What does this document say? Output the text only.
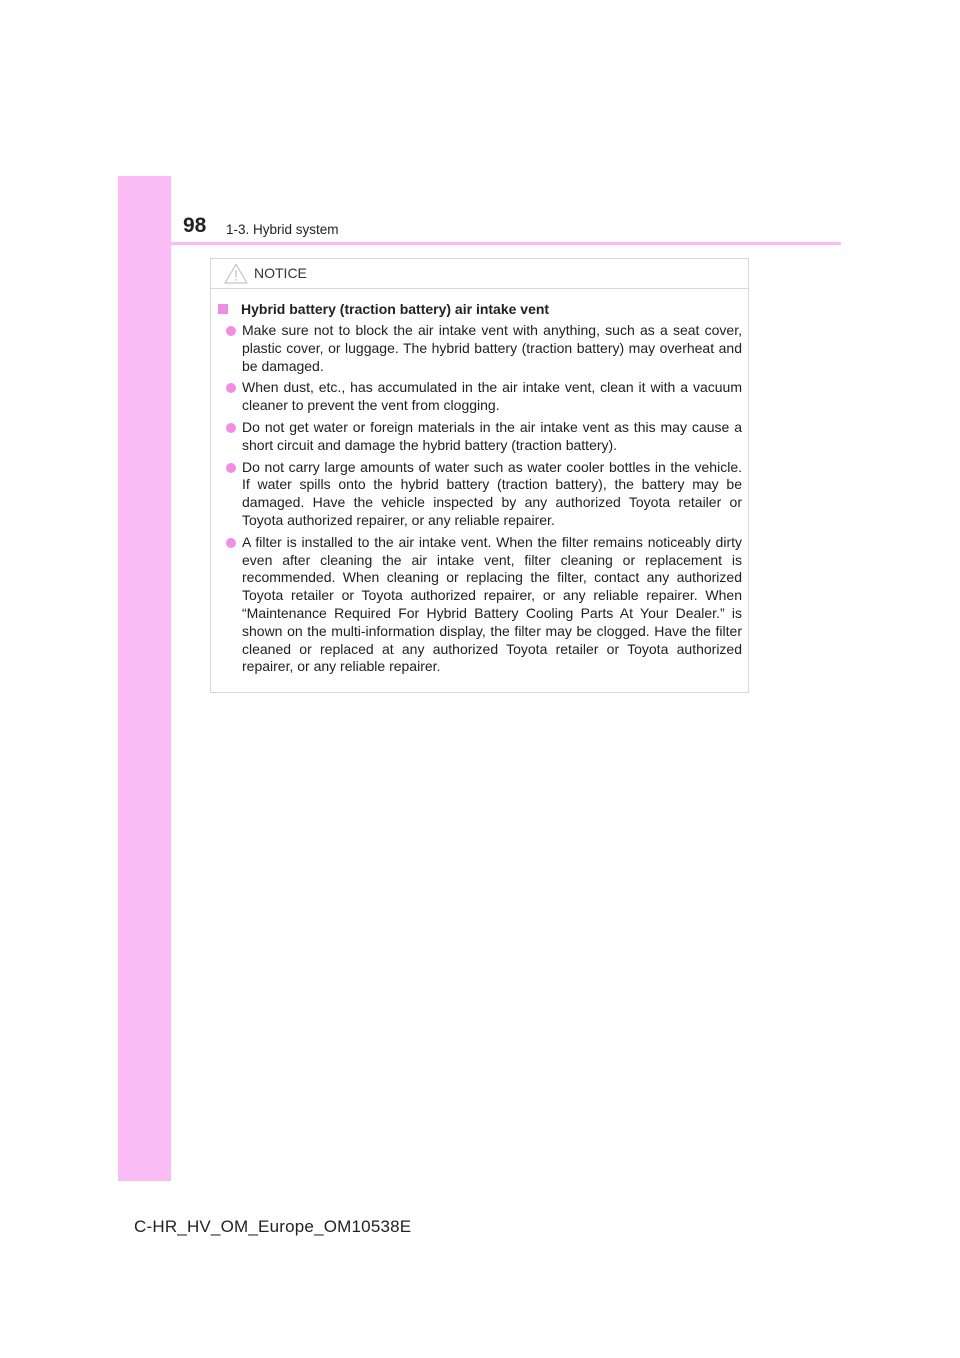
98 1-3. Hybrid system
NOTICE
Hybrid battery (traction battery) air intake vent
Make sure not to block the air intake vent with anything, such as a seat cover, plastic cover, or luggage. The hybrid battery (traction battery) may overheat and be damaged.
When dust, etc., has accumulated in the air intake vent, clean it with a vacuum cleaner to prevent the vent from clogging.
Do not get water or foreign materials in the air intake vent as this may cause a short circuit and damage the hybrid battery (traction battery).
Do not carry large amounts of water such as water cooler bottles in the vehicle. If water spills onto the hybrid battery (traction battery), the battery may be damaged. Have the vehicle inspected by any authorized Toyota retailer or Toyota authorized repairer, or any reliable repairer.
A filter is installed to the air intake vent. When the filter remains noticeably dirty even after cleaning the air intake vent, filter cleaning or replacement is recommended. When cleaning or replacing the filter, contact any authorized Toyota retailer or Toyota authorized repairer, or any reliable repairer. When “Maintenance Required For Hybrid Battery Cooling Parts At Your Dealer.” is shown on the multi-information display, the filter may be clogged. Have the filter cleaned or replaced at any authorized Toyota retailer or Toyota authorized repairer, or any reliable repairer.
C-HR_HV_OM_Europe_OM10538E
